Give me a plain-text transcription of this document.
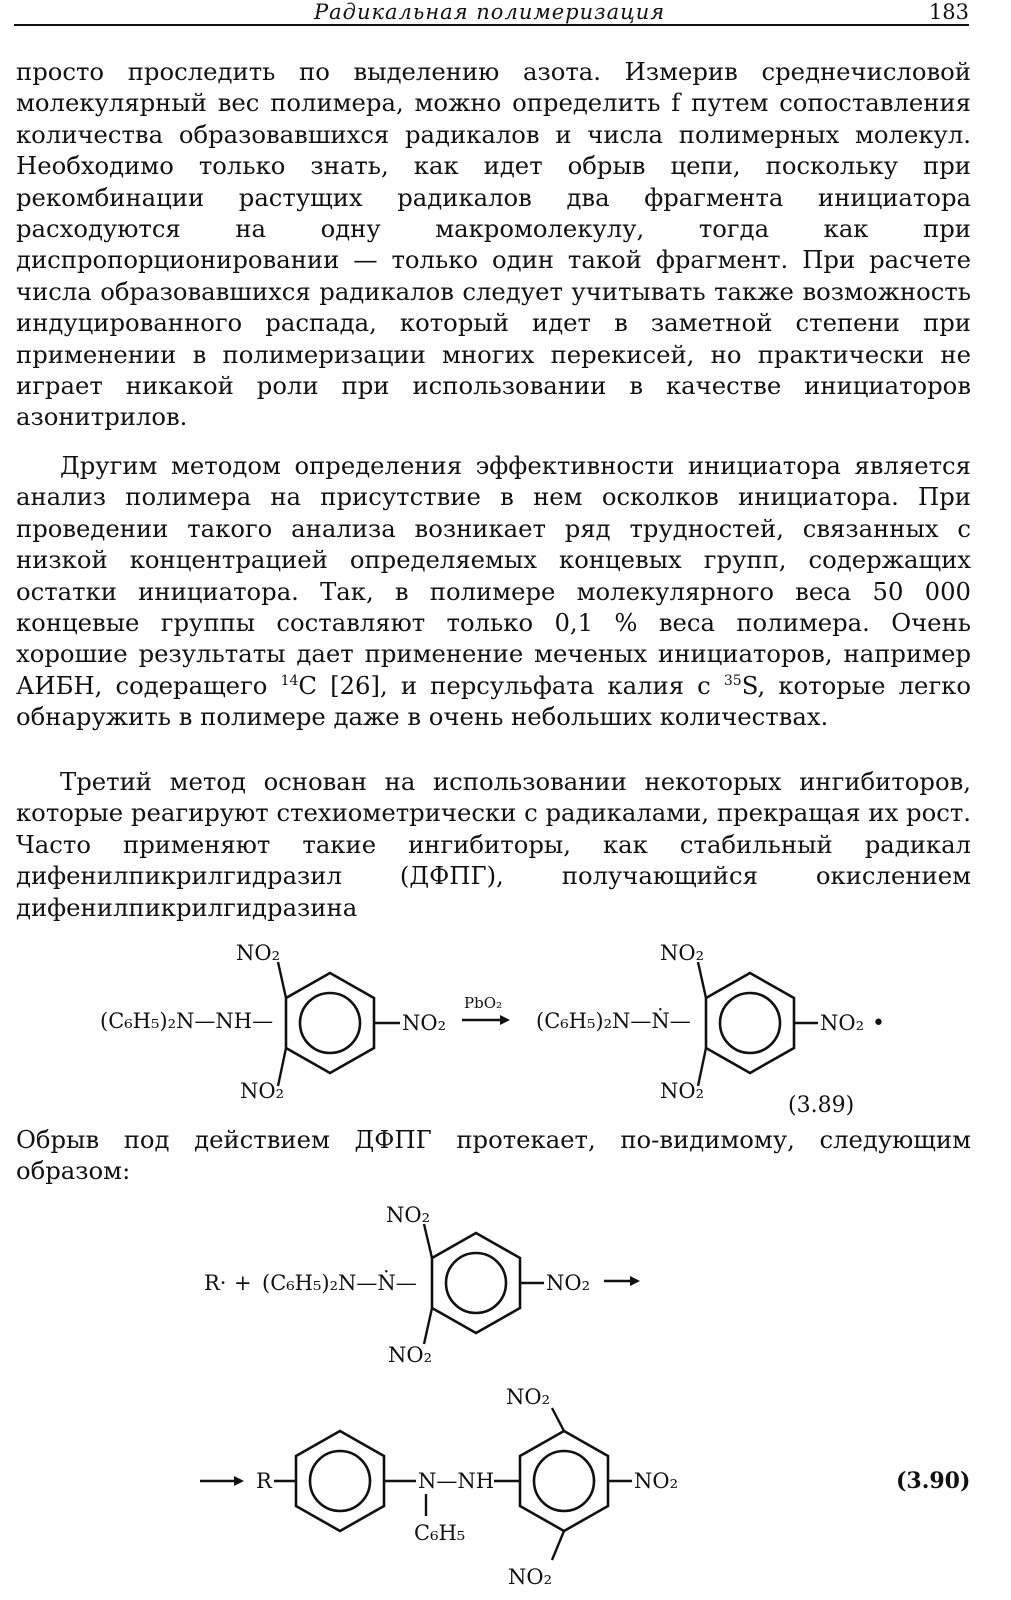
Радикальная полимеризация	183

просто проследить по выделению азота. Измерив среднечисловой молекулярный вес полимера, можно определить f путем сопоставления количества образовавшихся радикалов и числа полимерных молекул. Необходимо только знать, как идет обрыв цепи, поскольку при рекомбинации растущих радикалов два фрагмента инициатора расходуются на одну макромолекулу, тогда как при диспропорционировании — только один такой фрагмент. При расчете числа образовавшихся радикалов следует учитывать также возможность индуцированного распада, который идет в заметной степени при применении в полимеризации многих перекисей, но практически не играет никакой роли при использовании в качестве инициаторов азонитрилов.

Другим методом определения эффективности инициатора является анализ полимера на присутствие в нем осколков инициатора. При проведении такого анализа возникает ряд трудностей, связанных с низкой концентрацией определяемых концевых групп, содержащих остатки инициатора. Так, в полимере молекулярного веса 50 000 концевые группы составляют только 0,1 % веса полимера. Очень хорошие результаты дает применение меченых инициаторов, например АИБН, содеращего $^{14}$С [26], и персульфата калия с $^{35}$S, которые легко обнаружить в полимере даже в очень небольших количествах.

Третий метод основан на использовании некоторых ингибиторов, которые реагируют стехиометрически с радикалами, прекращая их рост. Часто применяют такие ингибиторы, как стабильный радикал дифенилпикрилгидразил (ДФПГ), получающийся окислением дифенилпикрилгидразина

Обрыв под действием ДФПГ протекает, по-видимому, следующим образом:

(C₆H₅)₂N—NH—
NO₂
NO₂
NO₂
PbO₂
(C₆H₅)₂N—Ṅ—
NO₂
NO₂ •
NO₂
(3.89)
R· + (C₆H₅)₂N—Ṅ—
NO₂
NO₂
NO₂
R	N—NH
C₆H₅
NO₂
NO₂
NO₂
(3.90)
